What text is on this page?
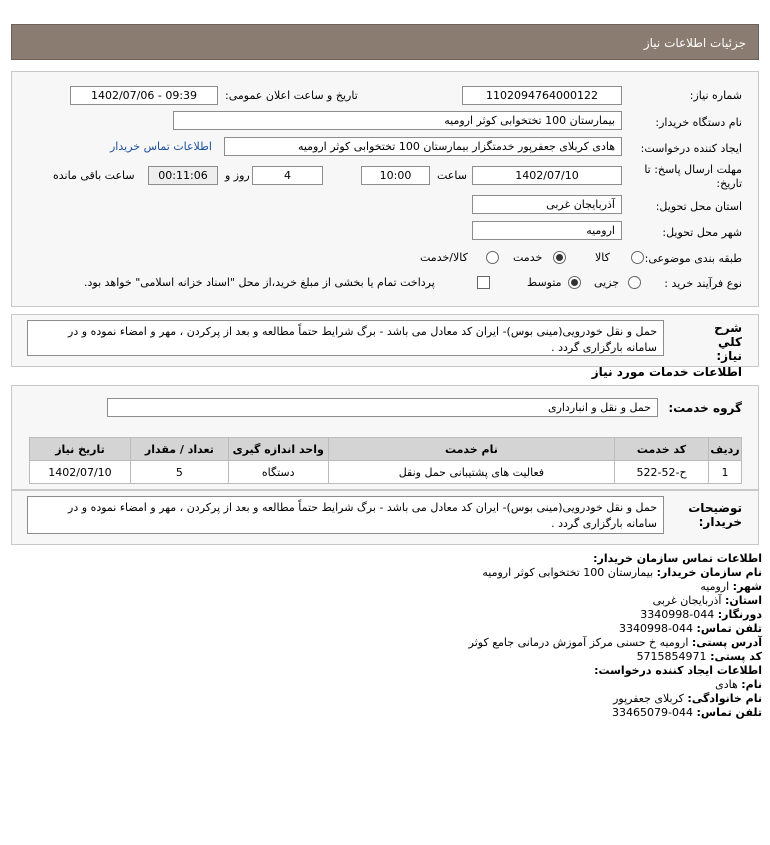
جزئیات اطلاعات نیاز
شماره نیاز:
1102094764000122
تاریخ و ساعت اعلان عمومی:
1402/07/06 - 09:39
نام دستگاه خریدار:
بیمارستان 100 تختخوابی کوثر ارومیه
ایجاد کننده درخواست:
هادی کربلای جعفرپور خدمتگزار بیمارستان 100 تختخوابی کوثر ارومیه
اطلاعات تماس خریدار
مهلت ارسال پاسخ: تا
تاریخ:
1402/07/10
ساعت
10:00
4
روز و
00:11:06
ساعت باقی مانده
استان محل تحویل:
آذربایجان غربی
شهر محل تحویل:
ارومیه
طبقه بندی موضوعی:
کالا
خدمت
کالا/خدمت
نوع فرآیند خرید :
جزیی
متوسط
پرداخت تمام یا بخشی از مبلغ خرید،از محل "اسناد خزانه اسلامی" خواهد بود.
شرح کلي نياز:
حمل و نقل خودرویی(مینی بوس)- ایران کد معادل می باشد - برگ شرایط حتماً مطالعه و بعد از پرکردن ، مهر و امضاء نموده و در سامانه بارگزاری گردد .
اطلاعات خدمات مورد نیاز
گروه خدمت:
حمل و نقل و انبارداری
ردیف	کد خدمت	نام خدمت	واحد اندازه گیری	تعداد / مقدار	تاریخ نیاز
1	ح-52-522	فعالیت های پشتیبانی حمل ونقل	دستگاه	5	1402/07/10
توضیحات خریدار:
حمل و نقل خودرویی(مینی بوس)- ایران کد معادل می باشد - برگ شرایط حتماً مطالعه و بعد از پرکردن ، مهر و امضاء نموده و در سامانه بارگزاری گردد .
اطلاعات تماس سازمان خریدار:
نام سازمان خریدار: بیمارستان 100 تختخوابی کوثر ارومیه
شهر: ارومیه
استان: آذربایجان غربی
دورنگار: 044-3340998
تلفن تماس: 044-3340998
آدرس پستی: ارومیه خ حسنی مرکز آموزش درمانی جامع کوثر
کد پستی: 5715854971
اطلاعات ایجاد کننده درخواست:
نام: هادی
نام خانوادگی: کربلای جعفرپور
تلفن تماس: 044-33465079
